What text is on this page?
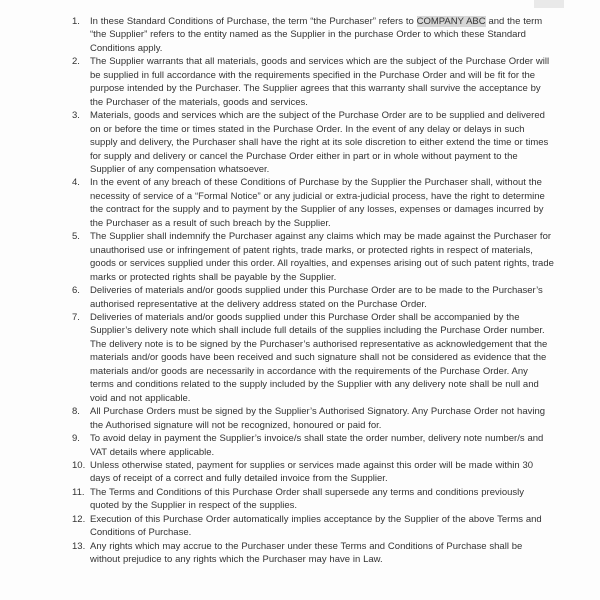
1.	In these Standard Conditions of Purchase, the term “the Purchaser” refers to COMPANY ABC and the term “the Supplier” refers to the entity named as the Supplier in the purchase Order to which these Standard Conditions apply.
2.	The Supplier warrants that all materials, goods and services which are the subject of the Purchase Order will be supplied in full accordance with the requirements specified in the Purchase Order and will be fit for the purpose intended by the Purchaser. The Supplier agrees that this warranty shall survive the acceptance by the Purchaser of the materials, goods and services.
3.	Materials, goods and services which are the subject of the Purchase Order are to be supplied and delivered on or before the time or times stated in the Purchase Order. In the event of any delay or delays in such supply and delivery, the Purchaser shall have the right at its sole discretion to either extend the time or times for supply and delivery or cancel the Purchase Order either in part or in whole without payment to the Supplier of any compensation whatsoever.
4.	In the event of any breach of these Conditions of Purchase by the Supplier the Purchaser shall, without the necessity of service of a “Formal Notice” or any judicial or extra-judicial process, have the right to determine the contract for the supply and to payment by the Supplier of any losses, expenses or damages incurred by the Purchaser as a result of such breach by the Supplier.
5.	The Supplier shall indemnify the Purchaser against any claims which may be made against the Purchaser for unauthorised use or infringement of patent rights, trade marks, or protected rights in respect of materials, goods or services supplied under this order. All royalties, and expenses arising out of such patent rights, trade marks or protected rights shall be payable by the Supplier.
6.	Deliveries of materials and/or goods supplied under this Purchase Order are to be made to the Purchaser’s authorised representative at the delivery address stated on the Purchase Order.
7.	Deliveries of materials and/or goods supplied under this Purchase Order shall be accompanied by the Supplier’s delivery note which shall include full details of the supplies including the Purchase Order number. The delivery note is to be signed by the Purchaser’s authorised representative as acknowledgement that the materials and/or goods have been received and such signature shall not be considered as evidence that the materials and/or goods are necessarily in accordance with the requirements of the Purchase Order. Any terms and conditions related to the supply included by the Supplier with any delivery note shall be null and void and not applicable.
8.	All Purchase Orders must be signed by the Supplier’s Authorised Signatory. Any Purchase Order not having the Authorised signature will not be recognized, honoured or paid for.
9.	To avoid delay in payment the Supplier’s invoice/s shall state the order number, delivery note number/s and VAT details where applicable.
10. Unless otherwise stated, payment for supplies or services made against this order will be made within 30 days of receipt of a correct and fully detailed invoice from the Supplier.
11. The Terms and Conditions of this Purchase Order shall supersede any terms and conditions previously quoted by the Supplier in respect of the supplies.
12. Execution of this Purchase Order automatically implies acceptance by the Supplier of the above Terms and Conditions of Purchase.
13. Any rights which may accrue to the Purchaser under these Terms and Conditions of Purchase shall be without prejudice to any rights which the Purchaser may have in Law.
